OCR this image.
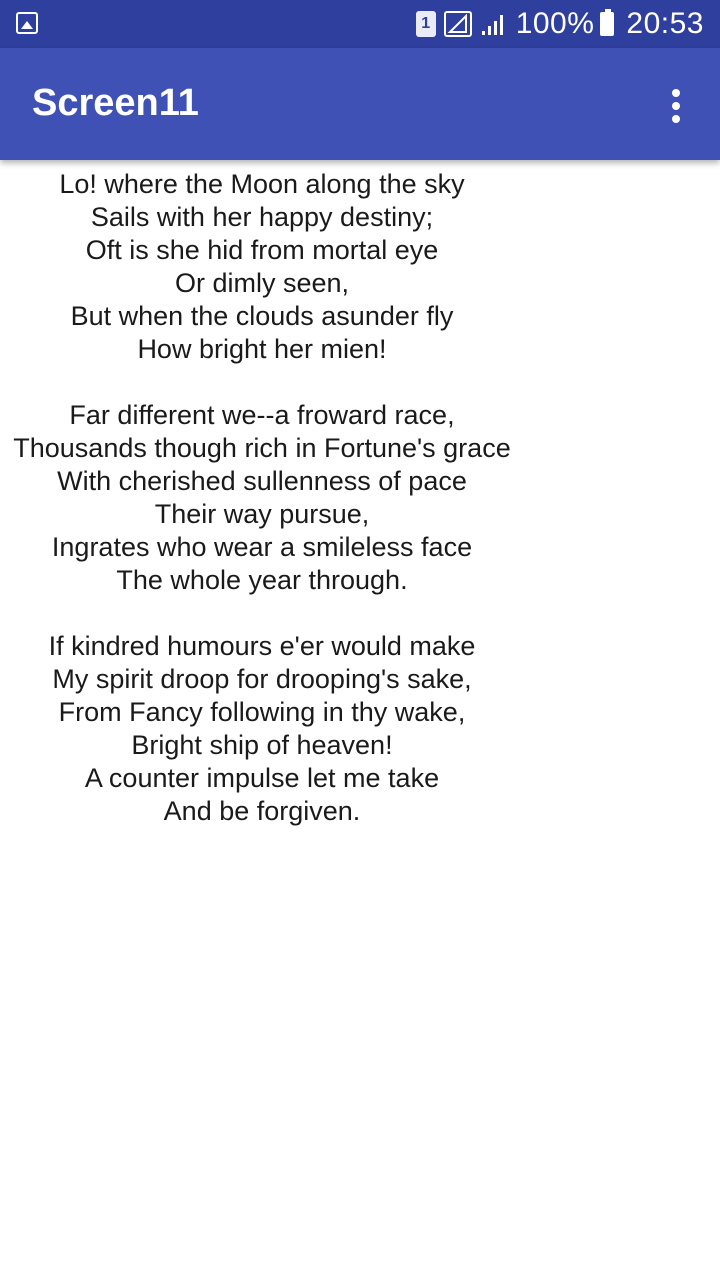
1	100% 20:53
Screen11
Lo! where the Moon along the sky
Sails with her happy destiny;
Oft is she hid from mortal eye
Or dimly seen,
But when the clouds asunder fly
How bright her mien!
Far different we--a froward race,
Thousands though rich in Fortune's grace
With cherished sullenness of pace
Their way pursue,
Ingrates who wear a smileless face
The whole year through.
If kindred humours e'er would make
My spirit droop for drooping's sake,
From Fancy following in thy wake,
Bright ship of heaven!
A counter impulse let me take
And be forgiven.
